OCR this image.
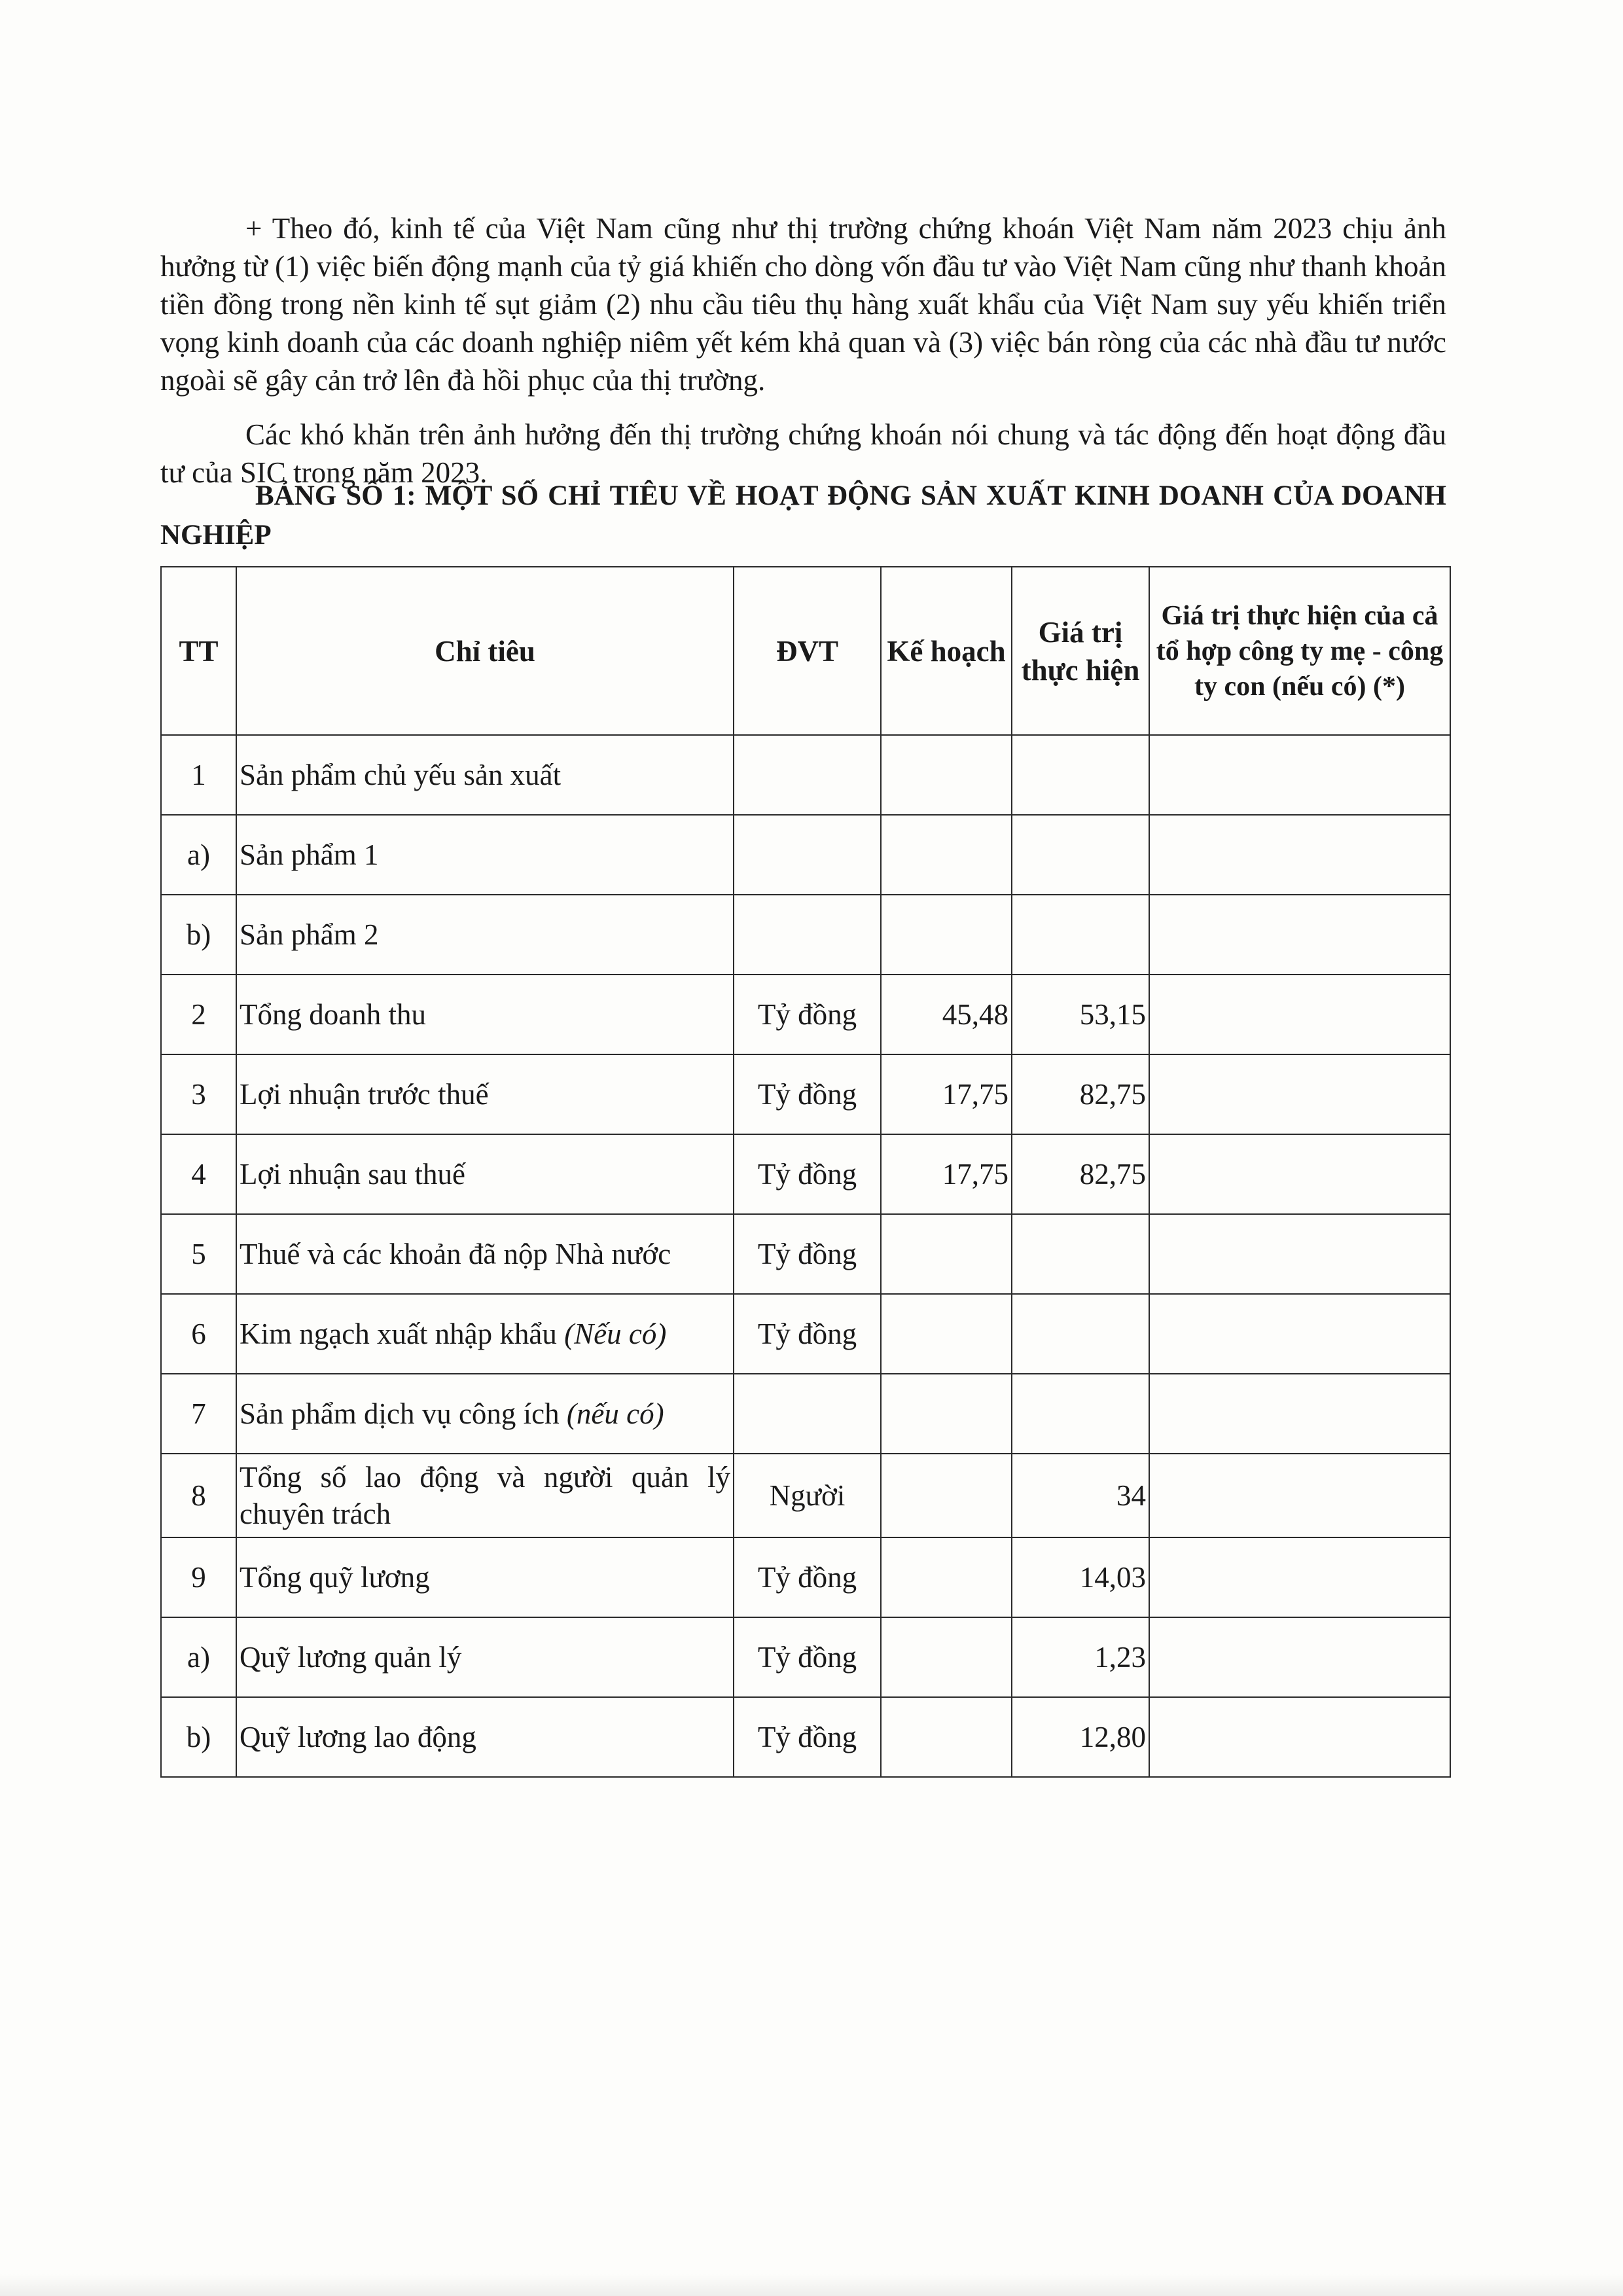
+ Theo đó, kinh tế của Việt Nam cũng như thị trường chứng khoán Việt Nam năm 2023 chịu ảnh hưởng từ (1) việc biến động mạnh của tỷ giá khiến cho dòng vốn đầu tư vào Việt Nam cũng như thanh khoản tiền đồng trong nền kinh tế sụt giảm (2) nhu cầu tiêu thụ hàng xuất khẩu của Việt Nam suy yếu khiến triển vọng kinh doanh của các doanh nghiệp niêm yết kém khả quan và (3) việc bán ròng của các nhà đầu tư nước ngoài sẽ gây cản trở lên đà hồi phục của thị trường.

Các khó khăn trên ảnh hưởng đến thị trường chứng khoán nói chung và tác động đến hoạt động đầu tư của SIC trong năm 2023.

BẢNG SỐ 1: MỘT SỐ CHỈ TIÊU VỀ HOẠT ĐỘNG SẢN XUẤT KINH DOANH CỦA DOANH NGHIỆP
TT	Chỉ tiêu	ĐVT	Kế hoạch	Giá trị thực hiện	Giá trị thực hiện của cả tổ hợp công ty mẹ - công ty con (nếu có) (*)
1	Sản phẩm chủ yếu sản xuất				
a)	Sản phẩm 1				
b)	Sản phẩm 2				
2	Tổng doanh thu	Tỷ đồng	45,48	53,15	
3	Lợi nhuận trước thuế	Tỷ đồng	17,75	82,75	
4	Lợi nhuận sau thuế	Tỷ đồng	17,75	82,75	
5	Thuế và các khoản đã nộp Nhà nước	Tỷ đồng			
6	Kim ngạch xuất nhập khẩu (Nếu có)	Tỷ đồng			
7	Sản phẩm dịch vụ công ích (nếu có)				
8	Tổng số lao động và người quản lý chuyên trách	Người		34	
9	Tổng quỹ lương	Tỷ đồng		14,03	
a)	Quỹ lương quản lý	Tỷ đồng		1,23	
b)	Quỹ lương lao động	Tỷ đồng		12,80	
